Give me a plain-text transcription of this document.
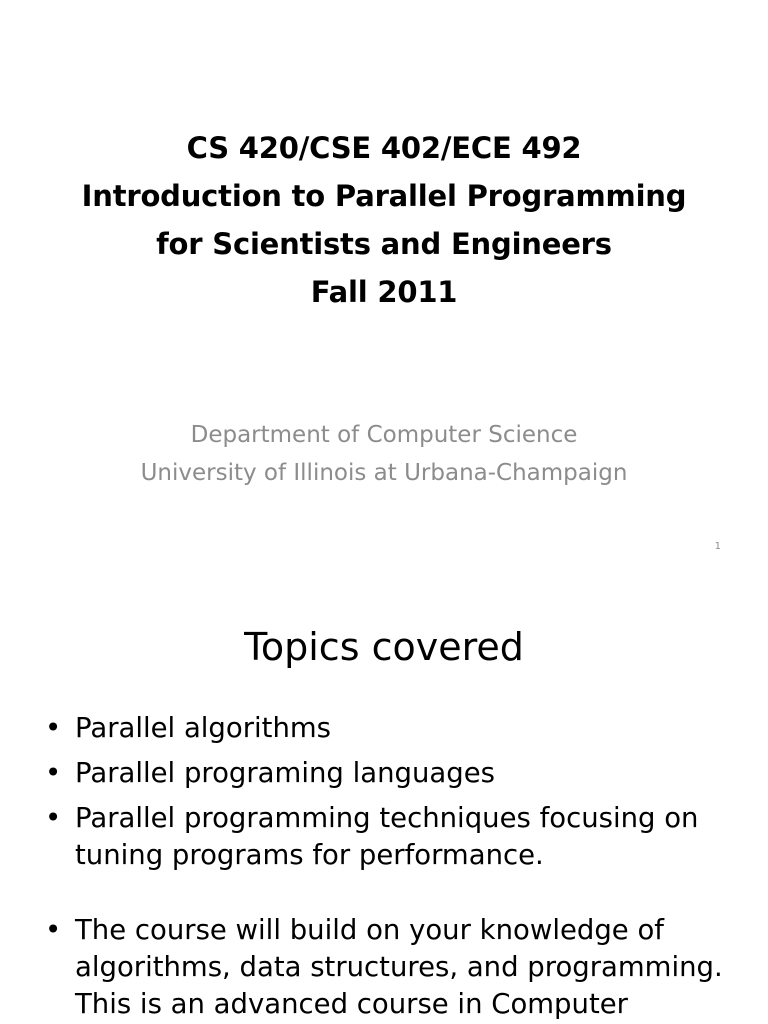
CS 420/CSE 402/ECE 492
Introduction to Parallel Programming
for Scientists and Engineers
Fall 2011
Department of Computer Science
University of Illinois at Urbana-Champaign
1
Topics covered
• Parallel algorithms
• Parallel programing languages
• Parallel programming techniques focusing on tuning programs for performance.
• The course will build on your knowledge of algorithms, data structures, and programming. This is an advanced course in Computer
